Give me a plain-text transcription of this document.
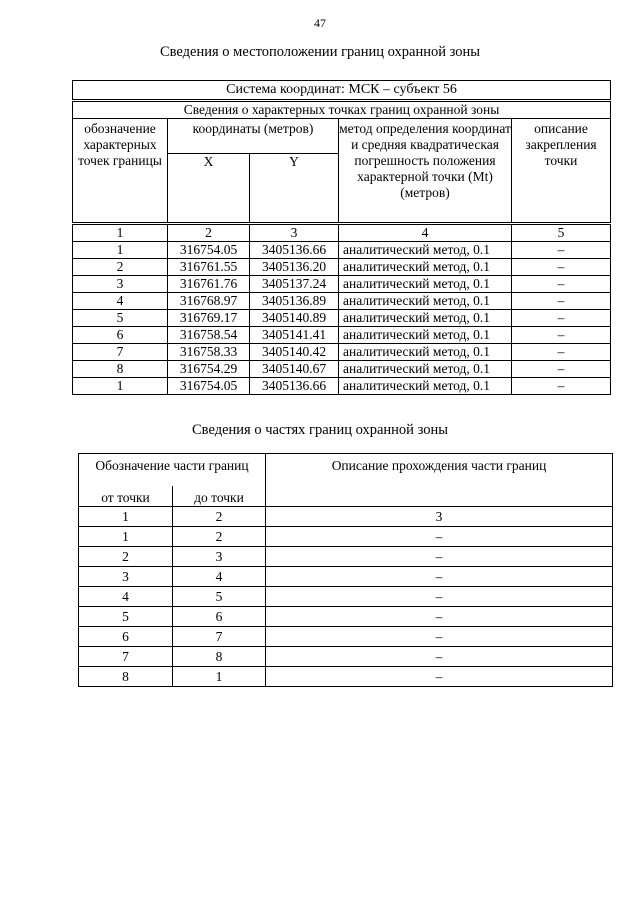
47
Сведения о местоположении границ охранной зоны
Система координат: МСК – субъект 56				
Сведения о характерных точках границ охранной зоны				
обозначение характерных точек границы	координаты (метров)		метод определения координат и средняя квадратическая погрешность положения характерной точки (Mt) (метров)	описание закрепления точки
	X	Y		

1	2	3	4	5
1	316754.05	3405136.66	аналитический метод, 0.1	–
2	316761.55	3405136.20	аналитический метод, 0.1	–
3	316761.76	3405137.24	аналитический метод, 0.1	–
4	316768.97	3405136.89	аналитический метод, 0.1	–
5	316769.17	3405140.89	аналитический метод, 0.1	–
6	316758.54	3405141.41	аналитический метод, 0.1	–
7	316758.33	3405140.42	аналитический метод, 0.1	–
8	316754.29	3405140.67	аналитический метод, 0.1	–
1	316754.05	3405136.66	аналитический метод, 0.1	–
Сведения о частях границ охранной зоны
Обозначение части границ		Описание прохождения части границ
от точки	до точки	
1	2	3
1	2	–
2	3	–
3	4	–
4	5	–
5	6	–
6	7	–
7	8	–
8	1	–
